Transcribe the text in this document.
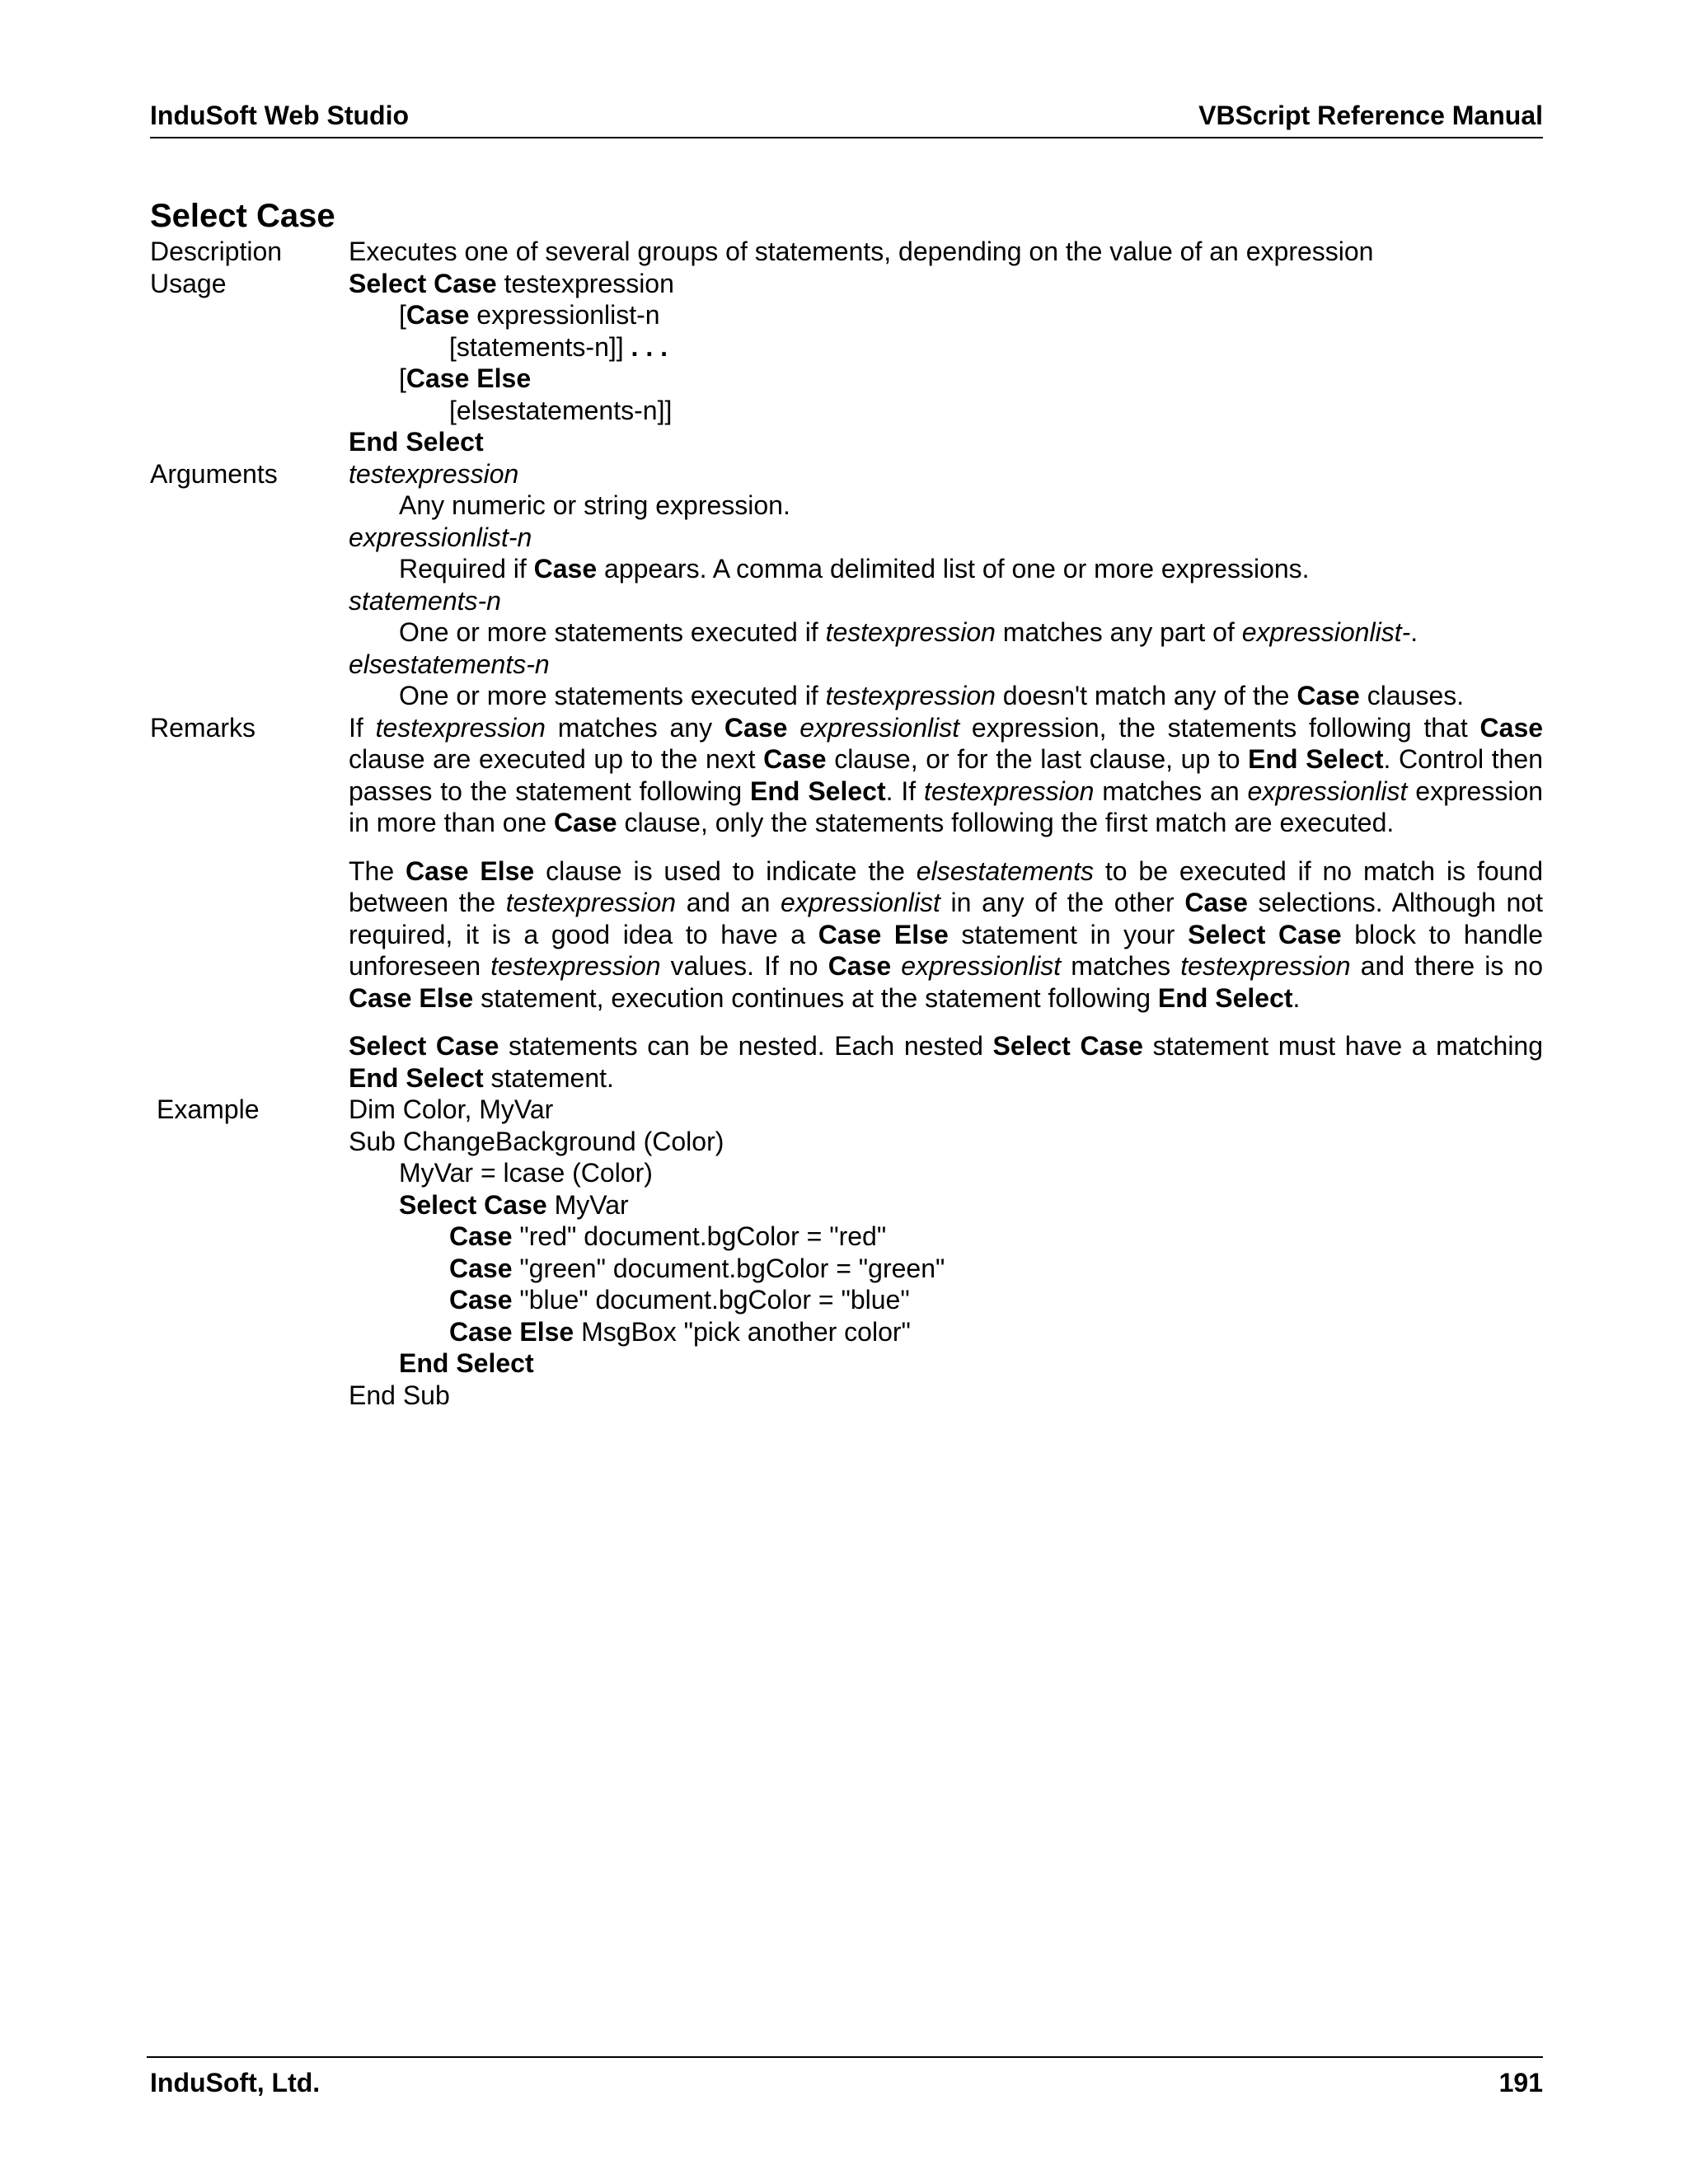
InduSoft Web Studio	VBScript Reference Manual
Select Case
Description	Executes one of several groups of statements, depending on the value of an expression
Usage	Select Case testexpression
[Case expressionlist-n
[statements-n]] . . .
[Case Else
[elsestatements-n]]
End Select
Arguments	testexpression
Any numeric or string expression.
expressionlist-n
Required if Case appears. A comma delimited list of one or more expressions.
statements-n
One or more statements executed if testexpression matches any part of expressionlist-.
elsestatements-n
One or more statements executed if testexpression doesn't match any of the Case clauses.
Remarks	If testexpression matches any Case expressionlist expression, the statements following that Case clause are executed up to the next Case clause, or for the last clause, up to End Select. Control then passes to the statement following End Select. If testexpression matches an expressionlist expression in more than one Case clause, only the statements following the first match are executed.
The Case Else clause is used to indicate the elsestatements to be executed if no match is found between the testexpression and an expressionlist in any of the other Case selections. Although not required, it is a good idea to have a Case Else statement in your Select Case block to handle unforeseen testexpression values. If no Case expressionlist matches testexpression and there is no Case Else statement, execution continues at the statement following End Select.
Select Case statements can be nested. Each nested Select Case statement must have a matching End Select statement.
Example	Dim Color, MyVar
Sub ChangeBackground (Color)
MyVar = lcase (Color)
Select Case MyVar
Case "red" document.bgColor = "red"
Case "green" document.bgColor = "green"
Case "blue" document.bgColor = "blue"
Case Else MsgBox "pick another color"
End Select
End Sub
InduSoft, Ltd.	191
